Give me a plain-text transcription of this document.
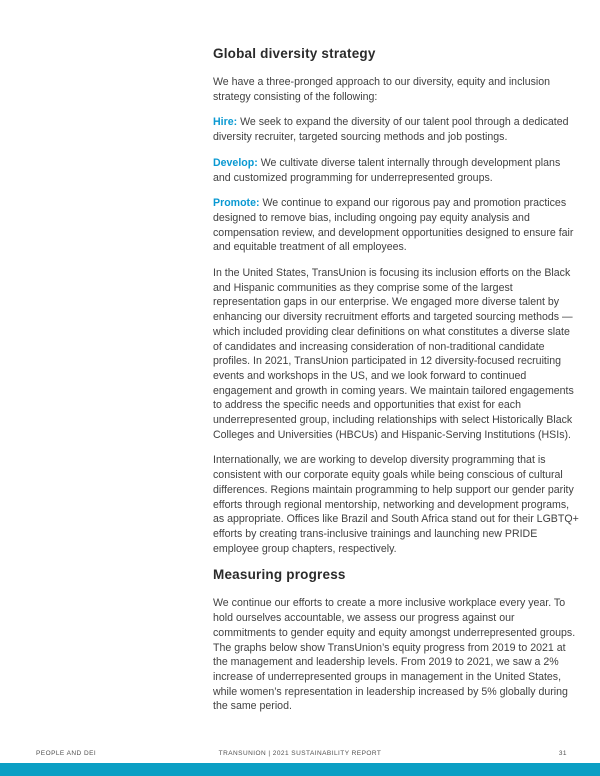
Global diversity strategy

We have a three-pronged approach to our diversity, equity and inclusion strategy consisting of the following:

Hire: We seek to expand the diversity of our talent pool through a dedicated diversity recruiter, targeted sourcing methods and job postings.

Develop: We cultivate diverse talent internally through development plans and customized programming for underrepresented groups.

Promote: We continue to expand our rigorous pay and promotion practices designed to remove bias, including ongoing pay equity analysis and compensation review, and development opportunities designed to ensure fair and equitable treatment of all employees.

In the United States, TransUnion is focusing its inclusion efforts on the Black and Hispanic communities as they comprise some of the largest representation gaps in our enterprise. We engaged more diverse talent by enhancing our diversity recruitment efforts and targeted sourcing methods — which included providing clear definitions on what constitutes a diverse slate of candidates and increasing consideration of non-traditional candidate profiles. In 2021, TransUnion participated in 12 diversity-focused recruiting events and workshops in the US, and we look forward to continued engagement and growth in coming years. We maintain tailored engagements to address the specific needs and opportunities that exist for each underrepresented group, including relationships with select Historically Black Colleges and Universities (HBCUs) and Hispanic-Serving Institutions (HSIs).

Internationally, we are working to develop diversity programming that is consistent with our corporate equity goals while being conscious of cultural differences. Regions maintain programming to help support our gender parity efforts through regional mentorship, networking and development programs, as appropriate. Offices like Brazil and South Africa stand out for their LGBTQ+ efforts by creating trans-inclusive trainings and launching new PRIDE employee group chapters, respectively.

Measuring progress

We continue our efforts to create a more inclusive workplace every year. To hold ourselves accountable, we assess our progress against our commitments to gender equity and equity amongst underrepresented groups. The graphs below show TransUnion’s equity progress from 2019 to 2021 at the management and leadership levels. From 2019 to 2021, we saw a 2% increase of underrepresented groups in management in the United States, while women’s representation in leadership increased by 5% globally during the same period.

PEOPLE AND DEI	TRANSUNION | 2021 SUSTAINABILITY REPORT	31
